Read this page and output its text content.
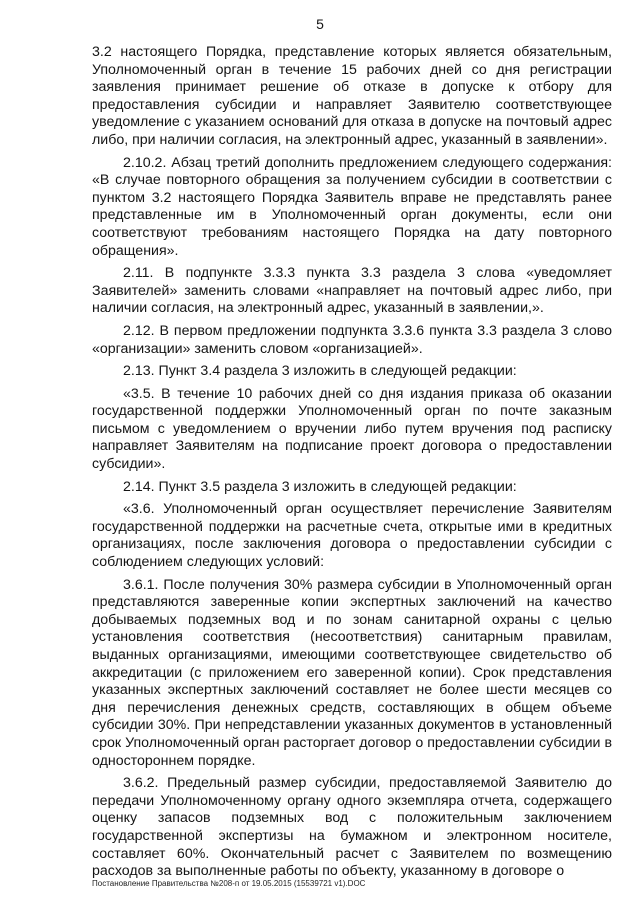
5

3.2 настоящего Порядка, представление которых является обязательным, Уполномоченный орган в течение 15 рабочих дней со дня регистрации заявления принимает решение об отказе в допуске к отбору для предоставления субсидии и направляет Заявителю соответствующее уведомление с указанием оснований для отказа в допуске на почтовый адрес либо, при наличии согласия, на электронный адрес, указанный в заявлении».

2.10.2. Абзац третий дополнить предложением следующего содержания: «В случае повторного обращения за получением субсидии в соответствии с пунктом 3.2 настоящего Порядка Заявитель вправе не представлять ранее представленные им в Уполномоченный орган документы, если они соответствуют требованиям настоящего Порядка на дату повторного обращения».

2.11. В подпункте 3.3.3 пункта 3.3 раздела 3 слова «уведомляет Заявителей» заменить словами «направляет на почтовый адрес либо, при наличии согласия, на электронный адрес, указанный в заявлении,».

2.12. В первом предложении подпункта 3.3.6 пункта 3.3 раздела 3 слово «организации» заменить словом «организацией».

2.13. Пункт 3.4 раздела 3 изложить в следующей редакции:

«3.5. В течение 10 рабочих дней со дня издания приказа об оказании государственной поддержки Уполномоченный орган по почте заказным письмом с уведомлением о вручении либо путем вручения под расписку направляет Заявителям на подписание проект договора о предоставлении субсидии».

2.14. Пункт 3.5 раздела 3 изложить в следующей редакции:

«3.6. Уполномоченный орган осуществляет перечисление Заявителям государственной поддержки на расчетные счета, открытые ими в кредитных организациях, после заключения договора о предоставлении субсидии с соблюдением следующих условий:

3.6.1. После получения 30% размера субсидии в Уполномоченный орган представляются заверенные копии экспертных заключений на качество добываемых подземных вод и по зонам санитарной охраны с целью установления соответствия (несоответствия) санитарным правилам, выданных организациями, имеющими соответствующее свидетельство об аккредитации (с приложением его заверенной копии). Срок представления указанных экспертных заключений составляет не более шести месяцев со дня перечисления денежных средств, составляющих в общем объеме субсидии 30%. При непредставлении указанных документов в установленный срок Уполномоченный орган расторгает договор о предоставлении субсидии в одностороннем порядке.

3.6.2. Предельный размер субсидии, предоставляемой Заявителю до передачи Уполномоченному органу одного экземпляра отчета, содержащего оценку запасов подземных вод с положительным заключением государственной экспертизы на бумажном и электронном носителе, составляет 60%. Окончательный расчет с Заявителем по возмещению расходов за выполненные работы по объекту, указанному в договоре о

Постановление Правительства №208-п от 19.05.2015 (15539721 v1).DOC
